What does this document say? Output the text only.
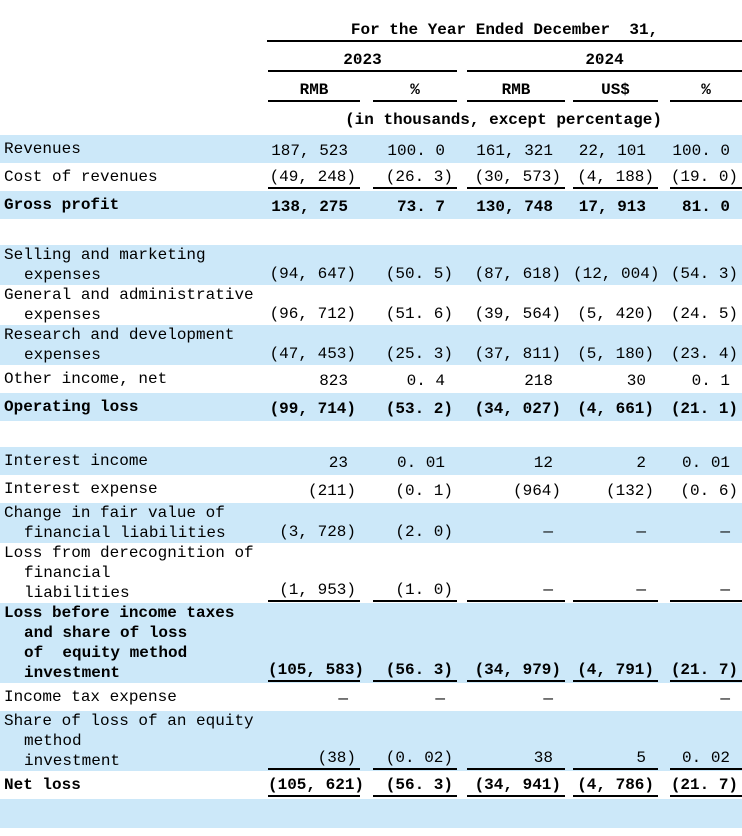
	For the Year Ended December  31,				

	2023		2024		

	RMB	%	RMB	US$	%

	(in thousands, except percentage)				

Revenues	187, 523	100. 0	161, 321	22, 101	100. 0

Cost of revenues	(49, 248)	(26. 3)	(30, 573)	(4, 188)	(19. 0)

Gross profit	138, 275	73. 7	130, 748	17, 913	81. 0

Selling and marketing
expenses	(94, 647)	(50. 5)	(87, 618)	(12, 004)	(54. 3)

General and administrative
expenses	(96, 712)	(51. 6)	(39, 564)	(5, 420)	(24. 5)

Research and development
expenses	(47, 453)	(25. 3)	(37, 811)	(5, 180)	(23. 4)

Other income, net	823	0. 4	218	30	0. 1

Operating loss	(99, 714)	(53. 2)	(34, 027)	(4, 661)	(21. 1)

Interest income	23	0. 01	12	2	0. 01

Interest expense	(211)	(0. 1)	(964)	(132)	(0. 6)

Change in fair value of
financial liabilities	(3, 728)	(2. 0)	—	—	—

Loss from derecognition of
financial
liabilities	(1, 953)	(1. 0)	—	—	—

Loss before income taxes
and share of loss
of  equity method
investment	(105, 583)	(56. 3)	(34, 979)	(4, 791)	(21. 7)

Income tax expense	—	—	—		—

Share of loss of an equity
method
investment	(38)	(0. 02)	38	5	0. 02

Net loss	(105, 621)	(56. 3)	(34, 941)	(4, 786)	(21. 7)
